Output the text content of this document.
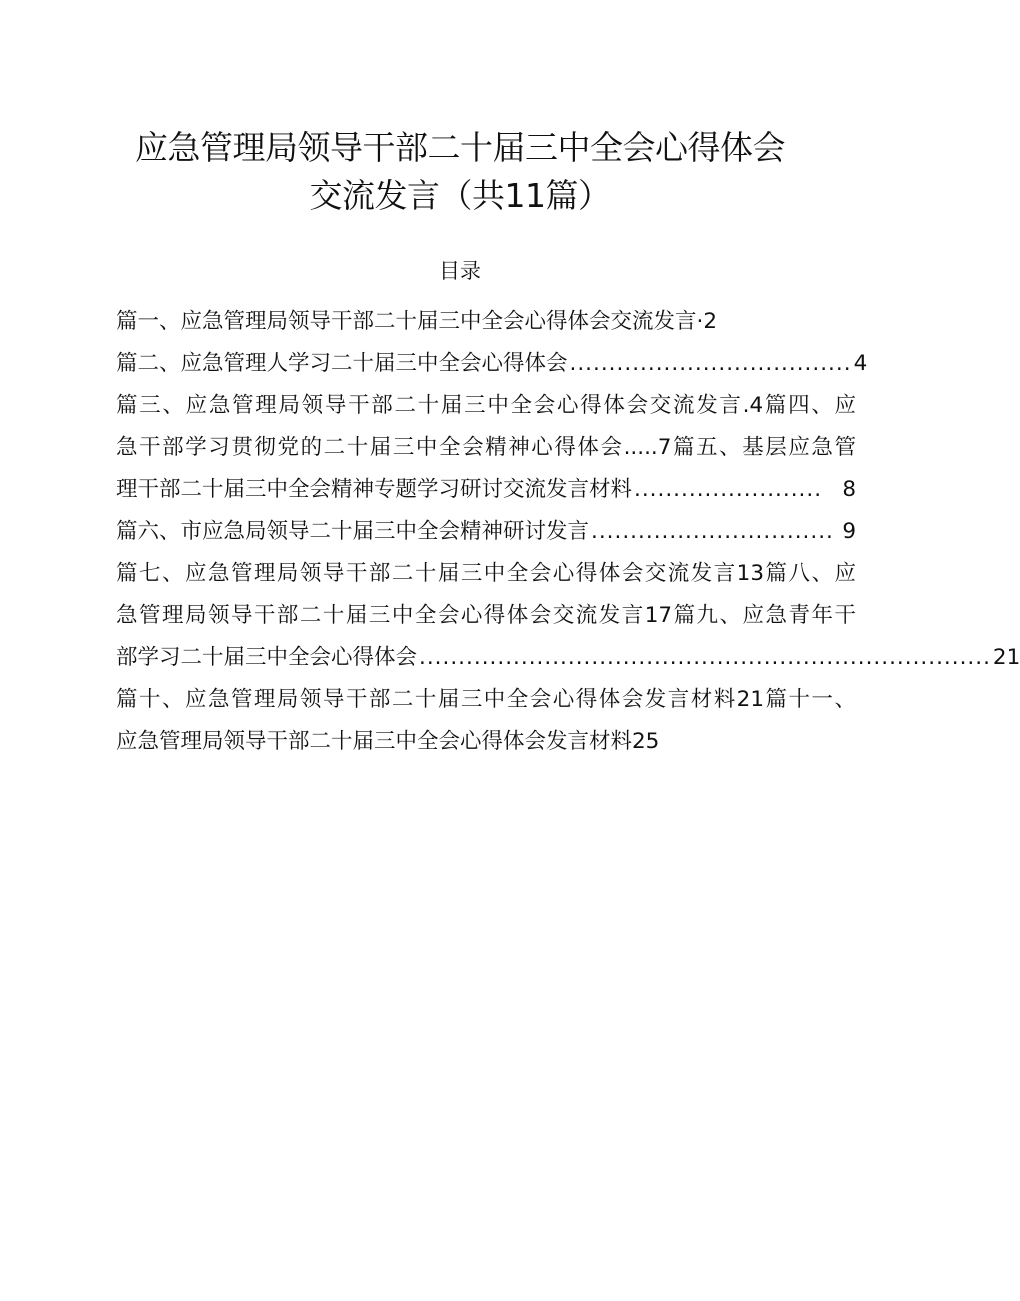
应急管理局领导干部二十届三中全会心得体会
交流发言（共11篇）
目录
篇一、应急管理局领导干部二十届三中全会心得体会交流发言·2
篇二、应急管理人学习二十届三中全会心得体会 .................................... 4
篇三、应急管理局领导干部二十届三中全会心得体会交流发言.4篇四、应
急干部学习贯彻党的二十届三中全会精神心得体会.....7篇五、基层应急管
理干部二十届三中全会精神专题学习研讨交流发言材料 ........................ 8
篇六、市应急局领导二十届三中全会精神研讨发言 ............................... 9
篇七、应急管理局领导干部二十届三中全会心得体会交流发言13篇八、应
急管理局领导干部二十届三中全会心得体会交流发言17篇九、应急青年干
部学习二十届三中全会心得体会 ......................................................................... 21
篇十、应急管理局领导干部二十届三中全会心得体会发言材料21篇十一、
应急管理局领导干部二十届三中全会心得体会发言材料25
